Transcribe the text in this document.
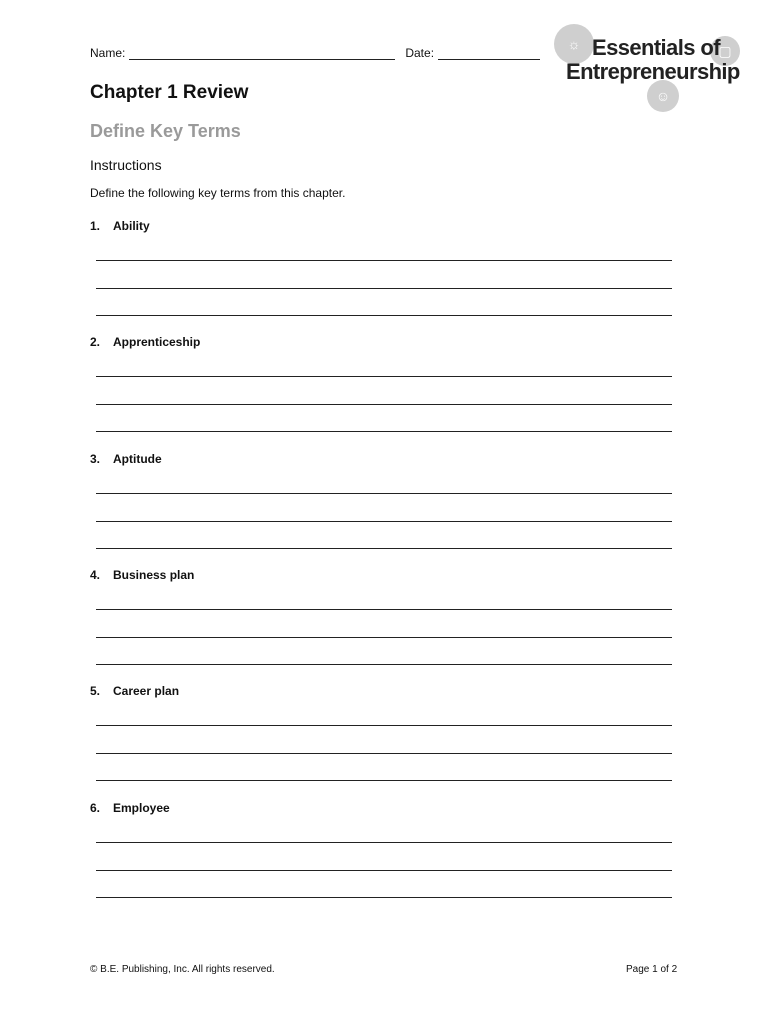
Name:	Date:
☼	▢
☺
Essentials of
Entrepreneurship
Chapter 1 Review
Define Key Terms
Instructions
Define the following key terms from this chapter.
1.	Ability
2.	Apprenticeship
3.	Aptitude
4.	Business plan
5.	Career plan
6.	Employee
© B.E. Publishing, Inc. All rights reserved.	Page 1 of 2
